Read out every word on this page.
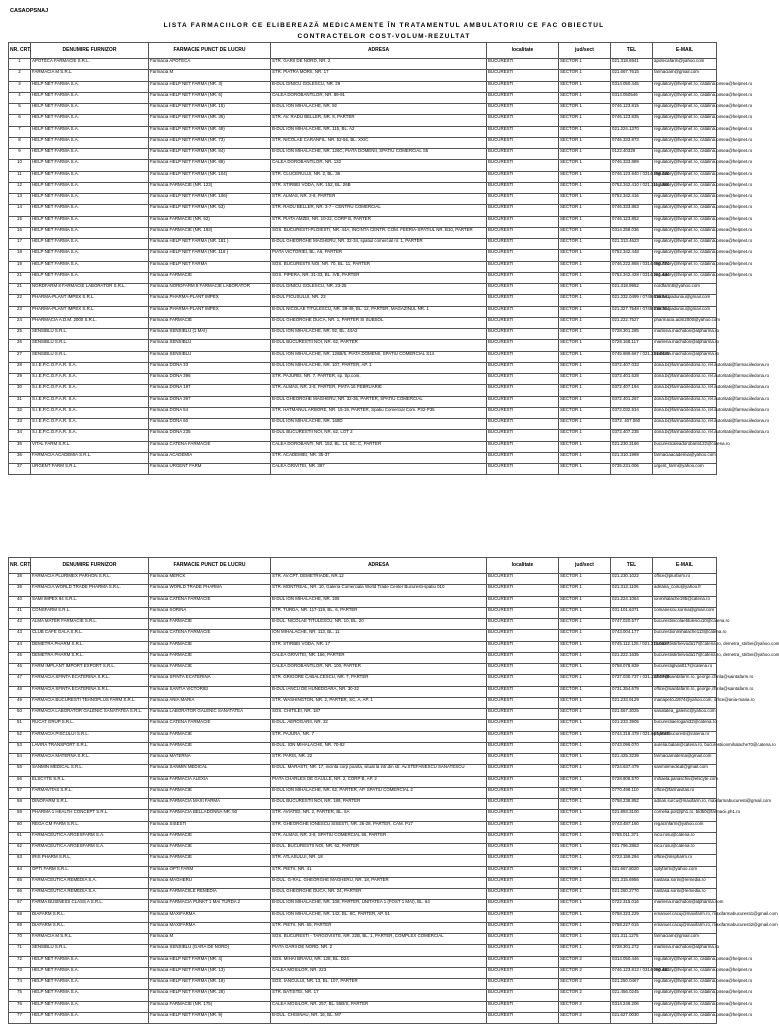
CASAOPSNAJ
LISTA FARMACIILOR CE ELIBEREAZĂ MEDICAMENTE ÎN TRATAMENTUL AMBULATORIU CE FAC OBIECTUL
CONTRACTELOR COST-VOLUM-REZULTAT
NR. CRT.	DENUMIRE FURNIZOR	FARMACIE PUNCT DE LUCRU	ADRESA	localitate	jud/sect	TEL	E-MAIL
1	APOTECA FARMACIE S.R.L.	Farmacia APOTECA	STR. GARII DE NORD, NR. 2	BUCURESTI	SECTOR 1	021.318.6941	apotecafarm@yahoo.com
2	FARMACIA M S.R.L.	Farmacia M	STR. PIATRA MORII, NR. 17	BUCURESTI	SECTOR 1	021.667.7615	farmaciam@gmail.com
3	HELP NET FARMA S.A.	Farmacia HELP NET FARMA (NR. 3)	B-DUL DINICU GOLESCU, NR. 29	BUCURESTI	SECTOR 1	0314.050.445	regulatory@helpnet.ro, catalina.pirsea@helpnet.ro
4	HELP NET FARMA S.A.	Farmacia HELP NET FARMA (NR. 6)	CALEA DOROBANTILOR, NR. 89-91	BUCURESTI	SECTOR 1	0314.050546	regulatory@helpnet.ro, catalina.pirsea@helpnet.ro
5	HELP NET FARMA S.A.	Farmacia HELP NET FARMA (NR. 15)	B-DUL ION MIHALACHE, NR. 92	BUCURESTI	SECTOR 1	0746.123.815	regulatory@helpnet.ro, catalina.pirsea@helpnet.ro
6	HELP NET FARMA S.A.	Farmacia HELP NET FARMA (NR. 35)	STR. AV. RADU BELLER, NR. 8, PARTER	BUCURESTI	SECTOR 1	0746.123.835	regulatory@helpnet.ro, catalina.pirsea@helpnet.ro
7	HELP NET FARMA S.A.	Farmacia HELP NET FARMA (NR. 49)	B-DUL ION MIHALACHE, NR. 115, BL. A2	BUCURESTI	SECTOR 1	021.224.1370	regulatory@helpnet.ro, catalina.pirsea@helpnet.ro
8	HELP NET FARMA S.A.	Farmacia HELP NET FARMA (NR. 73)	STR. NICOLAE CARANFIL, NR. 52-56, BL. XXIC	BUCURESTI	SECTOR 1	0746.333.873	regulatory@helpnet.ro, catalina.pirsea@helpnet.ro
9	HELP NET FARMA S.A.	Farmacia HELP NET FARMA (NR. 84)	B-DUL ION MIHALACHE, NR. 126C, PIATA DOMENII, SPATIU COMERCIAL S5	BUCURESTI	SECTOR 1	0122.40329	regulatory@helpnet.ro, catalina.pirsea@helpnet.ro
10	HELP NET FARMA S.A.	Farmacia HELP NET FARMA (NR. 89)	CALEA DOROBANTILOR, NR. 132	BUCURESTI	SECTOR 1	0746.333.889	regulatory@helpnet.ro, catalina.pirsea@helpnet.ro
11	HELP NET FARMA S.A.	Farmacia HELP NET FARMA (NR. 104)	STR. CLUCERULUI, NR. 2, BL. 36	BUCURESTI	SECTOR 1	0746.123.940 / 0314.258.026	regulatory@helpnet.ro, catalina.pirsea@helpnet.ro
12	HELP NET FARMA S.A.	Farmacia FARMACIE (NR. 123)	STR. STIRBEI VODA, NR. 152, BL. 26B	BUCURESTI	SECTOR 1	0752.342.410 / 021.311.6088	regulatory@helpnet.ro, catalina.pirsea@helpnet.ro
13	HELP NET FARMA S.A.	Farmacia HELP NET FARMA (NR. 106)	STR. ALMAS, NR. 2-8, PARTER	BUCURESTI	SECTOR 1	0752.342.416	regulatory@helpnet.ro, catalina.pirsea@helpnet.ro
14	HELP NET FARMA S.A.	Farmacia HELP NET FARMA (NR. 53)	STR. RADU BELLER, NR. 3-7 - CENTRU COMERCIAL	BUCURESTI	SECTOR 1	0746.333.863	regulatory@helpnet.ro, catalina.pirsea@helpnet.ro
15	HELP NET FARMA S.A.	Farmacia FARMACIE (NR. 52)	STR. PIATA AMZEI, NR. 10-22, CORP B, PARTER	BUCURESTI	SECTOR 1	0746.123.852	regulatory@helpnet.ro, catalina.pirsea@helpnet.ro
16	HELP NET FARMA S.A.	Farmacia FARMACIE (NR. 193)	SOS. BUCURESTI-PLOIESTI, NR. 44A, INCINTA CENTR. COM. FEERIA-SPATIUL NR. B10, PARTER	BUCURESTI	SECTOR 1	0314.258.036	regulatory@helpnet.ro, catalina.pirsea@helpnet.ro
17	HELP NET FARMA S.A.	Farmacia HELP NET FARMA (NR. 181 )	B-DUL GHEORGHE MAGHERU, NR. 32-34, spatiul comercial nr. 1, PARTER	BUCURESTI	SECTOR 1	021.313.4623	regulatory@helpnet.ro, catalina.pirsea@helpnet.ro
18	HELP NET FARMA S.A.	Farmacia HELP NET FARMA (NR. 118 )	PIATA VICTORIEI, BL. A6, PARTER	BUCURESTI	SECTOR 1	0752.342.448	regulatory@helpnet.ro, catalina.pirsea@helpnet.ro
19	HELP NET FARMA S.A.	Farmacia HELP NET FARMA	SOS. BUCURESTII NOI, NR. 70, BL. 11, PARTER	BUCURESTI	SECTOR 1	0746.222.868 / 0314.050.774	regulatory@helpnet.ro, catalina.pirsea@helpnet.ro
21	HELP NET FARMA S.A.	Farmacia FARMACIE	SOS. PIPERA, NR. 31-33, BL. IVB, PARTER	BUCURESTI	SECTOR 1	0752.342.428 / 0314.261.444	regulatory@helpnet.ro, catalina.pirsea@helpnet.ro
21	NORDFARM 8 FARMACIE LABORATOR S.R.L.	Farmacia NORDFARM 8 FARMACIE LABORATOR	B-DUL DINICU GOLESCU, NR. 23-25	BUCURESTI	SECTOR 1	021.318.9952	nordfarm8@yahoo.com
22	PHARMA-PLANT IMPEX S.R.L.	Farmacia PHARMA-PLANT IMPEX	B-DUL FICUSULUI, NR. 23	BUCURESTI	SECTOR 1	021.232.0499 / 0749.039.541	marian.paduroiu@gmail.com
23	PHARMA-PLANT IMPEX S.R.L.	Farmacia PHARMA-PLANT IMPEX	B-DUL NICOLAE TITULESCU, NR. 39-49, BL. 12, PARTER, MAGAZINUL NR. 1	BUCURESTI	SECTOR 1	021.327.7548 / 0749.039.704	marian.paduroiu@gmail.com
24	PHARMACIA A.D.M. 2000 S.R.L.	Farmacia FARMACIE	B-DUL GHEORGHE DUCA, NR. 1, PARTER SI SUBSOL	BUCURESTI	SECTOR 1	021.222.7527	pharmacia.adm2000@yahoo.com
25	SENSIBLU S.R.L.	Farmacia SENSIBLU (1 MAI)	B-DUL ION MIHALACHE, NR. 92, BL. 44A2	BUCURESTI	SECTOR 1	0728.301.285	marilena.machidon@alpharma.ro
26	SENSIBLU S.R.L.	Farmacia SENSIBLU	B-DUL BUCURESTII NOI, NR. 62, PARTER	BUCURESTI	SECTOR 1	0728.168.117	marilena.machidon@alpharma.ro
27	SENSIBLU S.R.L.	Farmacia SENSIBLU	B-DUL ION MIHALACHE, NR. 126B/5, PIATA DOMENII, SPATIU COMERCIAL S14	BUCURESTI	SECTOR 1	0745.989.667 / 021.224.0420	marilena.machidon@alpharma.ro
28	S.I.E.P.C.O.F.A.R. S.A.	Farmacia DONA 33	B-DUL ION MIHALACHE, NR. 107, PARTER, AP. 1	BUCURESTI	SECTOR 1	0372.407.033	dona.b@farmaciiledona.ro, rel.autoritati@farmaciiledona.ro
29	S.I.E.P.C.O.F.A.R. S.A.	Farmacia DONA 396	STR. PAJUREI, NR. 7, PARTER, sp. Sp.com.	BUCURESTI	SECTOR 1	0372.401.628	dona.b@farmaciiledona.ro, rel.autoritati@farmaciiledona.ro
30	S.I.E.P.C.O.F.A.R. S.A.	Farmacia DONA 197	STR. ALMAS, NR. 2-8, PARTER, PIATA 16 FEBRUARIE	BUCURESTI	SECTOR 1	0372.407.194	dona.b@farmaciiledona.ro, rel.autoritati@farmaciiledona.ro
31	S.I.E.P.C.O.F.A.R. S.A.	Farmacia DONA 397	B-DUL GHEORGHE MAGHERU, NR. 32-36, PARTER, SPATIU COMERCIAL	BUCURESTI	SECTOR 1	0372.401.267	dona.b@farmaciiledona.ro, rel.autoritati@farmaciiledona.ro
32	S.I.E.P.C.O.F.A.R. S.A.	Farmacia DONA 54	STR. HATMANUL ARBORE, NR. 15-19, PARTER, Spatiu Comercial Com. P32-P35	BUCURESTI	SECTOR 1	0372.032.534	dona.b@farmaciiledona.ro, rel.autoritati@farmaciiledona.ro
33	S.I.E.P.C.O.F.A.R. S.A.	Farmacia DONA 60	B-DUL ION MIHALACHE, NR. 168D	BUCURESTI	SECTOR 1	0372. 407.060	dona.b@farmaciiledona.ro, rel.autoritati@farmaciiledona.ro
34	S.I.E.P.C.O.F.A.R. S.A.	Farmacia DONA 235	B-DUL BUCURESTII NOI, NR. 62, LOT 2	BUCURESTI	SECTOR 1	0372.407.235	dona.b@farmaciiledona.ro, rel.autoritati@farmaciiledona.ro
35	VITAL FARM S.R.L.	Farmacia CATENA FARMACIE	CALEA DOROBANTI, NR. 152, BL. 14, SC. C, PARTER	BUCURESTI	SECTOR 1	021.230.3166	bucurestcaleadorobanti122@catena.ro
36	FARMACIA ACADEMIA S.R.L.	Farmacia ACADEMIA	STR. ACADEMIEI, NR. 35-37	BUCURESTI	SECTOR 1	021.310.1969	farmaciaacademia@yahoo.com
37	URGENT FARM S.R.L.	Farmacia URGENT FARM	CALEA GRIVITEI, NR. 397	BUCURESTI	SECTOR 1	0735.231.006	urgent_farm@yahoo.com
NR. CRT.	DENUMIRE FURNIZOR	FARMACIE PUNCT DE LUCRU	ADRESA	localitate	jud/sect	TEL	E-MAIL
38	FARMACIA PLURIMEX PARHON S.R.L.	Farmacia MERCK	STR. AV.CPT. DEMETRIADE, NR.12	BUCURESTI	SECTOR 1	021.230.1022	office@plurfarm.ro
39	FARMACIA WORLD TRADE PHARMA S.R.L.	Farmacia WORLD TRADE PHARMA	STR. MONTREAL, NR. 10, Galeria Comerciala World Trade Center Bucuresti-spatiu 010	BUCURESTI	SECTOR 1	021.313.1106	adriana_coiru@yahoo.fr
40	SAMI IMPEX 94 S.R.L.	Farmacia CATENA FARMACIE	B-DUL ION MIHALACHE, NR. 195	BUCURESTI	SECTOR 1	021.224.1064	ionmihalache195@catena.ro
41	CONSFARM S.R.L.	Farmacia SORINA	STR. TURDA, NR. 117-119, BL. 6, PARTER	BUCURESTI	SECTOR 1	031.101.6371	comanescu.sorina@gmail.com
42	ALMA MATER FARMACIE S.R.L.	Farmacia FARMACIE	B-DUL. NICOLAE TITULESCU, NR. 10, BL. 20	BUCURESTI	SECTOR 1	0747.020.577	bucurestinicolaetitulescu10@catena.ro
43	CLUB CAFE GALA S.R.L.	Farmacia CATENA FARMACIE	ION MIHALACHE, NR. 113, BL. 11	BUCURESTI	SECTOR 1	0743.004.177	bucurestionmihalache113@catena.ro
44	DEMETRA PHARM S.R.L.	Farmacia FARMACIE	STR. STIRBEI VODA, NR. 17	BUCURESTI	SECTOR 1	0745.112.125 / 021.313.5627	bucurestistirbeivoda17@catena.ro, demetra_stirbei@yahoo.com
45	DEMETRA PHARM S.R.L.	Farmacia FARMACIE	CALEA GRIVITEI, NR. 156, PARTER	BUCURESTI	SECTOR 1	021.222.1635	bucurestistirbeivoda17@catena.ro, demetra_stirbei@yahoo.com
46	FARM IMPLANT IMPORT EXPORT S.R.L.	Farmacia FARMACIE	CALEA DOROBANTILOR, NR. 100, PARTER	BUCURESTI	SECTOR 1	0758.078.839	bucurestiglvastt17@catena.ro
47	FARMACIA SFINTA ECATERINA S.R.L.	Farmacia SFINTA ECATERINA	STR. GRIGORE CABALCESCU, NR. 7, PARTER	BUCURESTI	SECTOR 1	0737.030.737 / 021.232.0788	office@saintafarm.ro, george.chirila@saintafarm.ro
48	FARMACIA SFINTA ECATERINA S.R.L.	Farmacia SANTIA VICTORIEI	B-DUL IANCU DE HUNEDOARA, NR. 30-32	BUCURESTI	SECTOR 1	0731.354.679	office@saintafarm.ro, george.chirila@saintafarm.ro
49	FARMACIA BUCURESTI TEHNOPLUS FARM S.R.L.	Farmacia ANIA MARIA	STR. WASHINGTON, NR. 2, PARTER, SC. A, AP. 1	BUCURESTI	SECTOR 1	021.233.9129	mariapetcu1974@yahoo.com, office@ania-maria.ro
50	FARMACIA LABORATOR GALENIC SANATATEA S.R.L.	Farmacia LABORATOR GALENIC SANATATEA	SOS. CHITILEI, NR. 187	BUCURESTI	SECTOR 1	021.667.3025	sanatatea_galenic@yahoo.com
51	RUCAT GRUP S.R.L.	Farmacia CATENA FARMACIE	B-DUL. AEROGARII, NR. 32	BUCURESTI	SECTOR 1	021.233.3905	bucurestiaerogarii32@catena.ro
52	FARMACIA PISCULUI S.R.L.	Farmacia FARMACIE	STR. PAJURA, NR. 7	BUCURESTI	SECTOR 1	0744.318.478 / 021.667.5565	pajura7bucuresti@catena.ro
53	LAVIRA TRANSPORT S.R.L.	Farmacia FARMACIE	B-DUL. ION MIHALACHE, NR. 70-82	BUCURESTI	SECTOR 1	0743.096.070	aurelia.balan@catena.ro, bucurestiionmihalache70@catena.ro
54	FARMACIA MATERNA S.R.L.	Farmacia MATERNA	STR. PARIS, NR. 22	BUCURESTI	SECTOR 1	021.425.3239	farmaciamaterna@gmail.com
55	SANMIN MEDICAL S.R.L.	Farmacia SANMIN MEDICAL	B-DUL. MARASTI, NR. 17, incinta corp poarta, situat la intr.din str. Av.STEFANESCU SANATESCU	BUCURESTI	SECTOR 1	0724.637.479	sanminmedical@gmail.com
56	ELSCYTE S.R.L.	Farmacia FARMACIA ALEXIA	PIATA CHARLES DE GAULLE, NR. 2, CORP B, AP. 2	BUCURESTI	SECTOR 1	0728.808.570	mihaela.panaschiv@elscyte.com
57	FARMAVITAS S.R.L.	Farmacia FARMACIE	B-DUL ION MIHALACHE, NR. 62, PARTER, AP. SPATIU COMERCIAL 2	BUCURESTI	SECTOR 1	0770.498.110	office@farmavitas.ro
58	DINOFARM S.R.L.	Farmacia FARMACIA MAXI FARMA	B-DUL BUCURESTII NOI, NR. 189, PARTER	BUCURESTI	SECTOR 1	0758.238.852	adrian.surcu@maxifarm.ro, maxifarmabucuresti@gmail.com
59	PHARMA 1 HEALTH CONCEPT S.R.L.	Farmacia FARMACIA BELLADONNA NR. 50	STR. AVIATIEI, NR. 2, PARTER, BL. 5A	BUCURESTI	SECTOR 1	021.893.3100	cornelia.pol@ph1.ro, bld50@farmacii.ph1.ro
60	REGA CM FARM S.R.L.	Farmacia SISESTI	STR. GHEORGHE IONESCU SISESTI, NR. 26-28, PARTER, CAM. P17	BUCURESTI	SECTOR 1	0743.487.160	regacmfarm@yahoo.com
61	FARMACEUTICA ARGESFARM S.A.	Farmacia FARMACIE	STR. ALMAS, NR. 2-8, SPATIU COMERCIAL 56, PARTER	BUCURESTI	SECTOR 1	0755.011.371	nicu.rosu@catena.ro
62	FARMACEUTICA ARGESFARM S.A.	Farmacia FARMACIE	B-DUL. BUCURESTII NOI, NR. 62, PARTER	BUCURESTI	SECTOR 1	021.796.2863	nicu.rosu@catena.ro
63	IRIS PHARM S.R.L.	Farmacia FARMACIE	STR. ATLASULUI, NR. 18	BUCURESTI	SECTOR 1	0723.159.294	office@irispharm.ro
64	OPTI FARM S.R.L.	Farmacia OPTI FARM	STR. PIETII, NR. 41	BUCURESTI	SECTOR 1	021.667.8020	optyfarm@yahoo.com
65	FARMACEUTICA REMEDIA S.A.	Farmacia MAGHERU	B-DUL. G-RAL. GHEORGHE MAGHERU, NR. 18, PARTER	BUCURESTI	SECTOR 1	021.315.6956	nastasa.sorin@remedia.ro
66	FARMACEUTICA REMEDIA S.A.	Farmacia FARMACIILE REMEDIA	B-DUL GHEORGHE DUCA, NR. 24, PARTER	BUCURESTI	SECTOR 1	021.260.2770	nastasa.sorin@remedia.ro
67	FARMA BUSINESS CLASS A S.R.L.	Farmacia FARMACIA PUNKT 1 MAI TURDA 2	B-DUL ION MIHALACHE, NR. 108, PARTER, UNITATEA 1 (FOST 1 MAI), BL. 64	BUCURESTI	SECTOR 1	0722.315.016	marilena.machidon@alpharma.com
68	DIAFARM S.R.L.	Farmacia MAXIFARMA	B-DUL ION MIHALACHE, NR. 142, BL. 8C, PARTER, AP. 51	BUCURESTI	SECTOR 1	0758.323.229	emanuel.cacuj@maxifarm.ro, maxifarmabucuresti1@gmail.com
69	DIAFARM S.R.L.	Farmacia MAXIFARMA	STR. PIETII, NR. 65, PARTER	BUCURESTI	SECTOR 1	0758.227.015	emanuel.cacuj@maxifarm.ro, maxifarmabucuresti2@gmail.com
70	FARMACIA M S.R.L.	Farmacia M	SOS. BUCURESTI - TARGOVISTE, NR. 22B, BL. 1, PARTER, COMPLEX COMERCIAL	BUCURESTI	SECTOR 1	021.311.1275	farmaciam@gmail.com
71	SENSIBLU S.R.L.	Farmacia SENSIBLU (GARA DE NORD)	PIATA GARII DE NORD, NR. 2	BUCURESTI	SECTOR 1	0728.301.272	marilena.machidon@alpharma.ro
72	HELP NET FARMA S.A.	Farmacia HELP NET FARMA (NR. 4)	SOS. MIHAI BRAVU, NR. 128, BL. D24	BUCURESTI	SECTOR 2	0314.050.446	regulatory@helpnet.ro, catalina.pirsea@helpnet.ro
73	HELP NET FARMA S.A.	Farmacia HELP NET FARMA (NR. 13)	CALEA MOSILOR, NR. 223	BUCURESTI	SECTOR 2	0746.123.813 / 0314.050.451	regulatory@helpnet.ro, catalina.pirsea@helpnet.ro
74	HELP NET FARMA S.A.	Farmacia HELP NET FARMA (NR. 18)	SOS. IANCULUI, NR. 13, BL. 107, PARTER	BUCURESTI	SECTOR 2	021.250.0467	regulatory@helpnet.ro, catalina.pirsea@helpnet.ro
75	HELP NET FARMA S.A.	Farmacia HELP NET FARMA (NR. 28)	STR. BATISTEI, NR. 17	BUCURESTI	SECTOR 2	021.456.0245	regulatory@helpnet.ro, catalina.pirsea@helpnet.ro
76	HELP NET FARMA S.A.	Farmacia FARMACIE (NR. 175)	CALEA MOSILOR, NR. 257, BL. 55B/S, PARTER	BUCURESTI	SECTOR 2	0314.249.206	regulatory@helpnet.ro, catalina.pirsea@helpnet.ro
77	HELP NET FARMA S.A.	Farmacia HELP NET FARMA (NR. 9)	B-DUL. CHISINAU, NR. 16, BL. M7	BUCURESTI	SECTOR 2	021.627.0030	regulatory@helpnet.ro, catalina.pirsea@helpnet.ro
